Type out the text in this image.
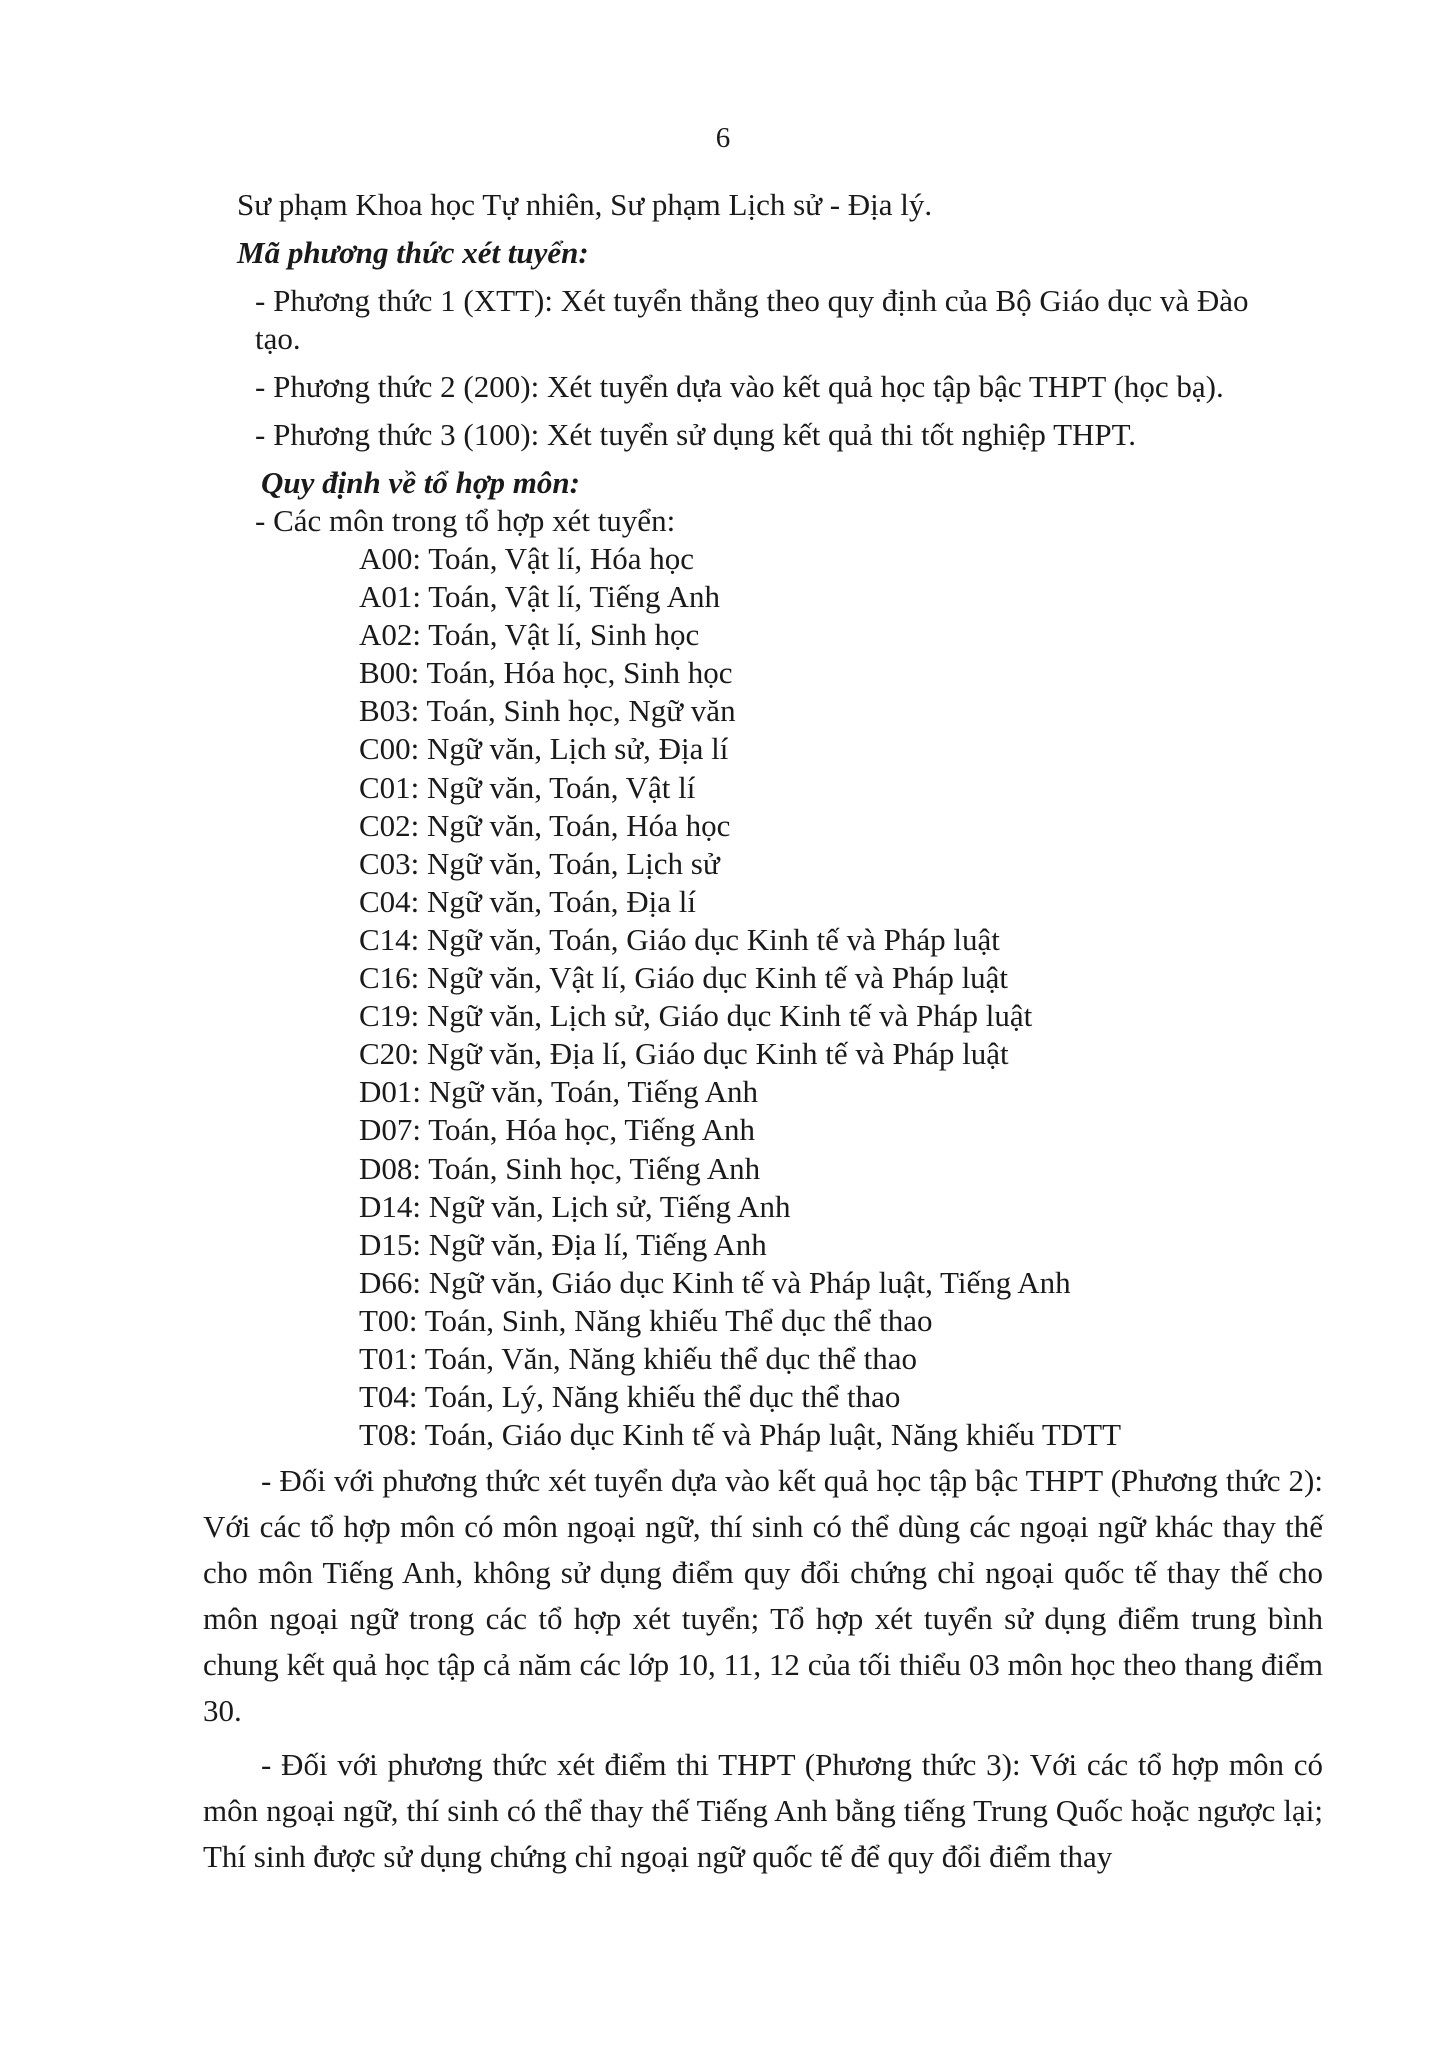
6

Sư phạm Khoa học Tự nhiên, Sư phạm Lịch sử - Địa lý.

Mã phương thức xét tuyển:

- Phương thức 1 (XTT): Xét tuyển thẳng theo quy định của Bộ Giáo dục và Đào

tạo.

- Phương thức 2 (200): Xét tuyển dựa vào kết quả học tập bậc THPT (học bạ).

- Phương thức 3 (100): Xét tuyển sử dụng kết quả thi tốt nghiệp THPT.

Quy định về tổ hợp môn:

- Các môn trong tổ hợp xét tuyển:

A00: Toán, Vật lí, Hóa học
A01: Toán, Vật lí, Tiếng Anh
A02: Toán, Vật lí, Sinh học
B00: Toán, Hóa học, Sinh học
B03: Toán, Sinh học, Ngữ văn
C00: Ngữ văn, Lịch sử, Địa lí
C01: Ngữ văn, Toán, Vật lí
C02: Ngữ văn, Toán, Hóa học
C03: Ngữ văn, Toán, Lịch sử
C04: Ngữ văn, Toán, Địa lí
C14: Ngữ văn, Toán, Giáo dục Kinh tế và Pháp luật
C16: Ngữ văn, Vật lí, Giáo dục Kinh tế và Pháp luật
C19: Ngữ văn, Lịch sử, Giáo dục Kinh tế và Pháp luật
C20: Ngữ văn, Địa lí, Giáo dục Kinh tế và Pháp luật
D01: Ngữ văn, Toán, Tiếng Anh
D07: Toán, Hóa học, Tiếng Anh
D08: Toán, Sinh học, Tiếng Anh
D14: Ngữ văn, Lịch sử, Tiếng Anh
D15: Ngữ văn, Địa lí, Tiếng Anh
D66: Ngữ văn, Giáo dục Kinh tế và Pháp luật, Tiếng Anh
T00: Toán, Sinh, Năng khiếu Thể dục thể thao
T01: Toán, Văn, Năng khiếu thể dục thể thao
T04: Toán, Lý, Năng khiếu thể dục thể thao
T08: Toán, Giáo dục Kinh tế và Pháp luật, Năng khiếu TDTT

- Đối với phương thức xét tuyển dựa vào kết quả học tập bậc THPT (Phương thức 2): Với các tổ hợp môn có môn ngoại ngữ, thí sinh có thể dùng các ngoại ngữ khác thay thế cho môn Tiếng Anh, không sử dụng điểm quy đổi chứng chỉ ngoại quốc tế thay thế cho môn ngoại ngữ trong các tổ hợp xét tuyển; Tổ hợp xét tuyển sử dụng điểm trung bình chung kết quả học tập cả năm các lớp 10, 11, 12 của tối thiểu 03 môn học theo thang điểm 30.

- Đối với phương thức xét điểm thi THPT (Phương thức 3): Với các tổ hợp môn có môn ngoại ngữ, thí sinh có thể thay thế Tiếng Anh bằng tiếng Trung Quốc hoặc ngược lại; Thí sinh được sử dụng chứng chỉ ngoại ngữ quốc tế để quy đổi điểm thay
